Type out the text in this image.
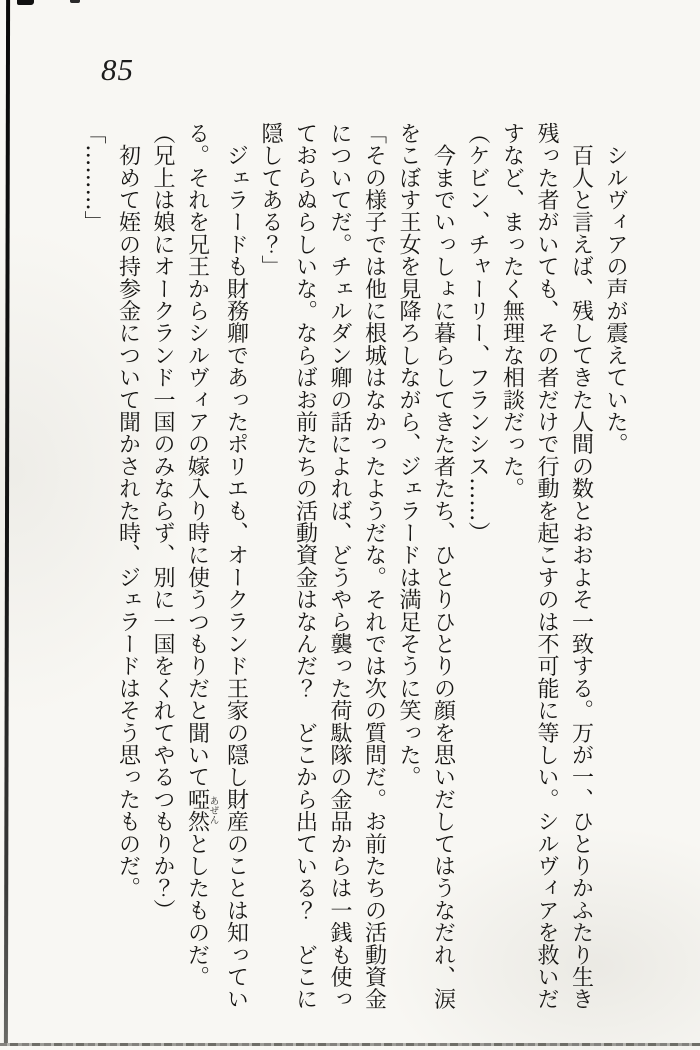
85
　シルヴィアの声が震えていた。
　百人と言えば、残してきた人間の数とおおよそ一致する。万が一、ひとりかふたり生き
残った者がいても、その者だけで行動を起こすのは不可能に等しい。シルヴィアを救いだ
すなど、まったく無理な相談だった。
（ケビン、チャーリー、フランシス……）
　今までいっしょに暮らしてきた者たち、ひとりひとりの顔を思いだしてはうなだれ、涙
をこぼす王女を見降ろしながら、ジェラードは満足そうに笑った。
「その様子では他に根城はなかったようだな。それでは次の質問だ。お前たちの活動資金
についてだ。チェルダン卿の話によれば、どうやら襲った荷駄隊の金品からは一銭も使っ
ておらぬらしいな。ならばお前たちの活動資金はなんだ？　どこから出ている？　どこに
隠してある？」
　ジェラードも財務卿であったポリエも、オークランド王家の隠し財産のことは知ってい
る。それを兄王からシルヴィアの嫁入り時に使うつもりだと聞いて啞然あぜんとしたものだ。
（兄上は娘にオークランド一国のみならず、別に一国をくれてやるつもりか？）
　初めて姪の持参金について聞かされた時、ジェラードはそう思ったものだ。
「………」
